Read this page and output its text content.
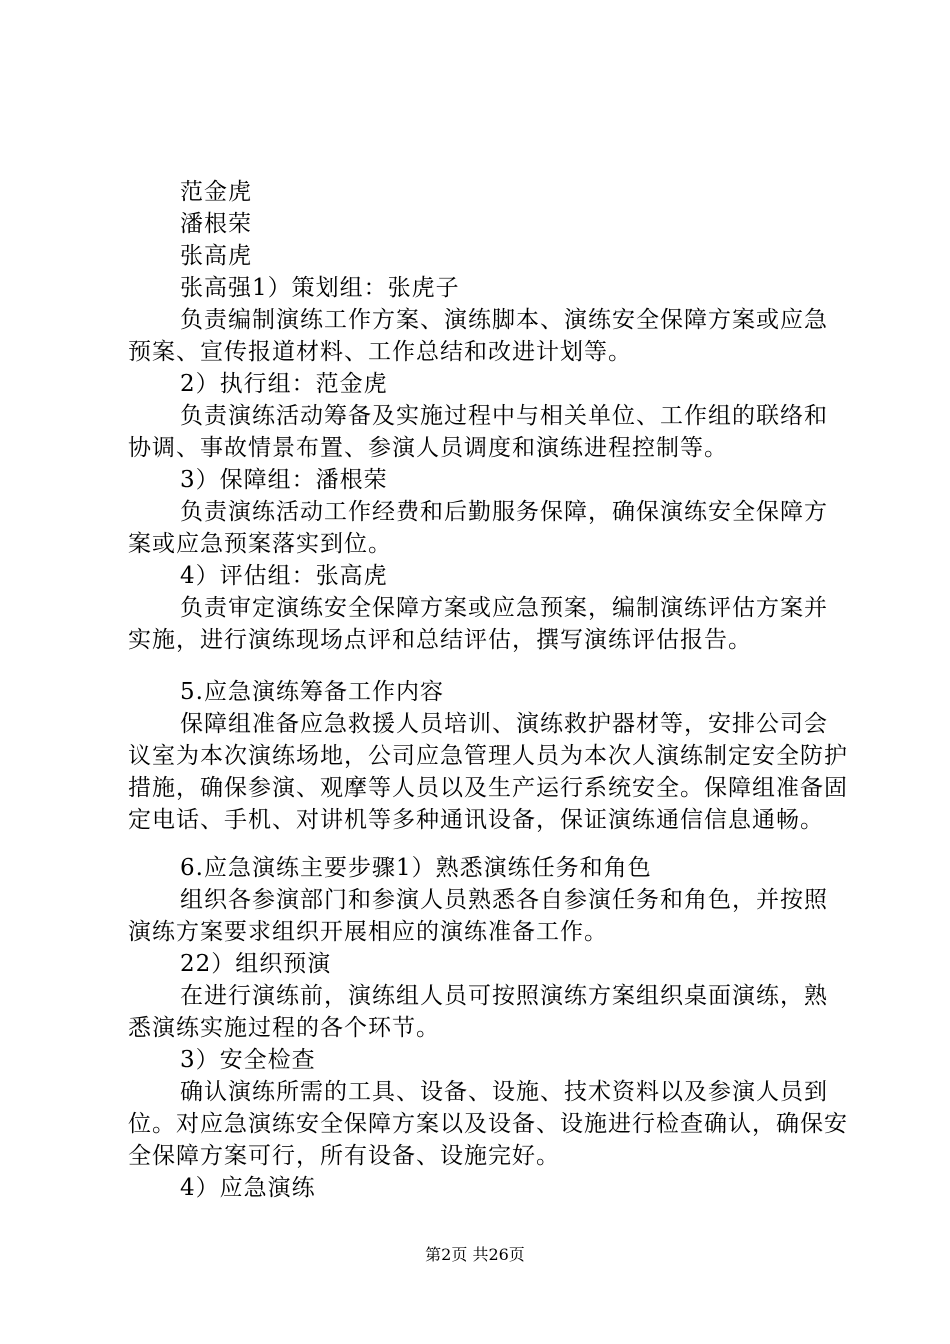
范金虎
潘根荣
张高虎
张高强1）策划组：张虎子
负责编制演练工作方案、演练脚本、演练安全保障方案或应急预案、宣传报道材料、工作总结和改进计划等。
2）执行组：范金虎
负责演练活动筹备及实施过程中与相关单位、工作组的联络和协调、事故情景布置、参演人员调度和演练进程控制等。
3）保障组：潘根荣
负责演练活动工作经费和后勤服务保障，确保演练安全保障方案或应急预案落实到位。
4）评估组：张高虎
负责审定演练安全保障方案或应急预案，编制演练评估方案并实施，进行演练现场点评和总结评估，撰写演练评估报告。
5.应急演练筹备工作内容
保障组准备应急救援人员培训、演练救护器材等，安排公司会议室为本次演练场地，公司应急管理人员为本次人演练制定安全防护措施，确保参演、观摩等人员以及生产运行系统安全。保障组准备固定电话、手机、对讲机等多种通讯设备，保证演练通信信息通畅。
6.应急演练主要步骤1）熟悉演练任务和角色
组织各参演部门和参演人员熟悉各自参演任务和角色，并按照演练方案要求组织开展相应的演练准备工作。
22）组织预演
在进行演练前，演练组人员可按照演练方案组织桌面演练，熟悉演练实施过程的各个环节。
3）安全检查
确认演练所需的工具、设备、设施、技术资料以及参演人员到位。对应急演练安全保障方案以及设备、设施进行检查确认，确保安全保障方案可行，所有设备、设施完好。
4）应急演练
第2页 共26页
